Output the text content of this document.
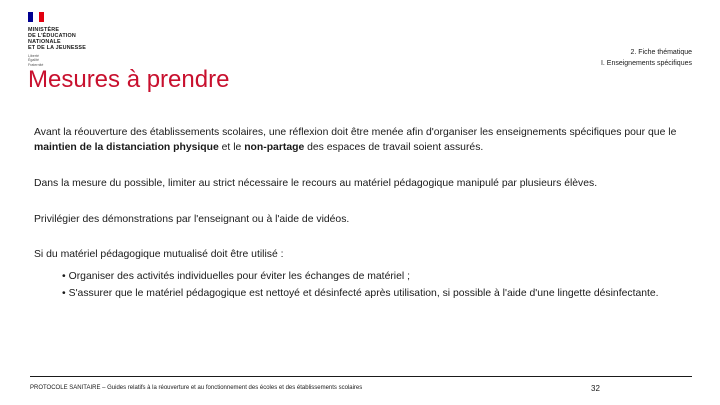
MINISTÈRE
DE L'ÉDUCATION
NATIONALE
ET DE LA JEUNESSE
Liberté
Égalité
Fraternité
2. Fiche thématique
I. Enseignements spécifiques
Mesures à prendre

Avant la réouverture des établissements scolaires, une réflexion doit être menée afin d'organiser les enseignements spécifiques pour que le maintien de la distanciation physique et le non-partage des espaces de travail soient assurés.

Dans la mesure du possible, limiter au strict nécessaire le recours au matériel pédagogique manipulé par plusieurs élèves.

Privilégier des démonstrations par l'enseignant ou à l'aide de vidéos.

Si du matériel pédagogique mutualisé doit être utilisé :

• Organiser des activités individuelles pour éviter les échanges de matériel ;
• S'assurer que le matériel pédagogique est nettoyé et désinfecté après utilisation, si possible à l'aide d'une lingette désinfectante.
PROTOCOLE SANITAIRE – Guides relatifs à la réouverture et au fonctionnement des écoles et des établissements scolaires	32
